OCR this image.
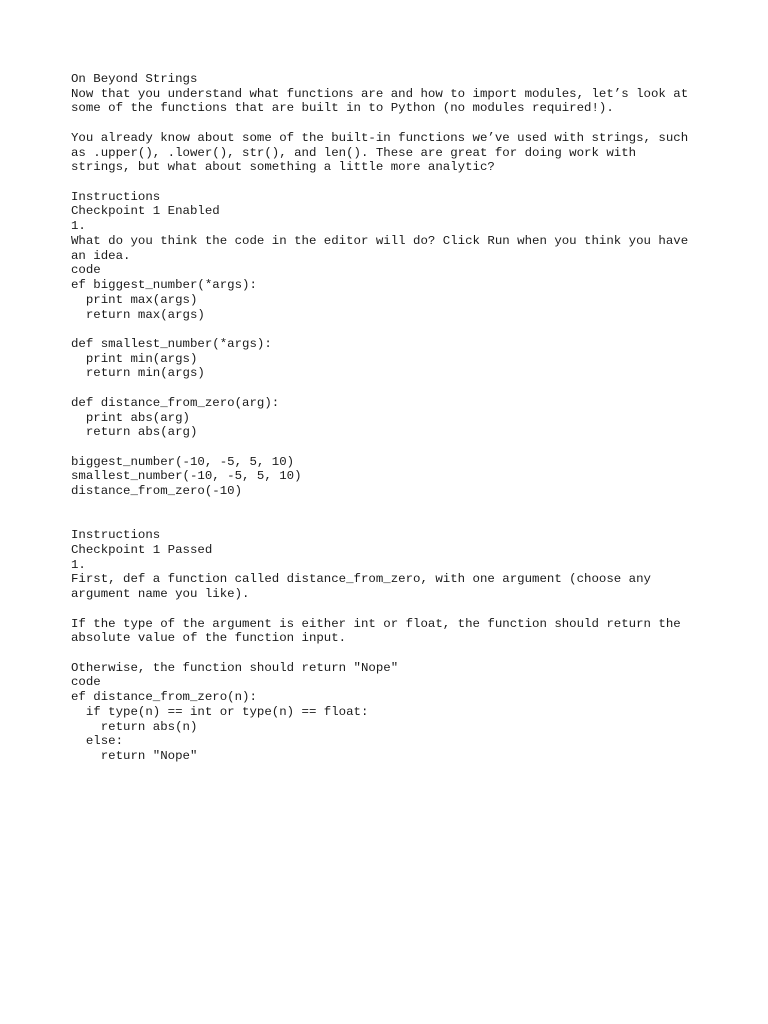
On Beyond Strings
Now that you understand what functions are and how to import modules, let’s look at
some of the functions that are built in to Python (no modules required!).
You already know about some of the built-in functions we’ve used with strings, such
as .upper(), .lower(), str(), and len(). These are great for doing work with
strings, but what about something a little more analytic?
Instructions
Checkpoint 1 Enabled
1.
What do you think the code in the editor will do? Click Run when you think you have
an idea.
code
ef biggest_number(*args):
print max(args)
return max(args)
def smallest_number(*args):
print min(args)
return min(args)
def distance_from_zero(arg):
print abs(arg)
return abs(arg)
biggest_number(-10, -5, 5, 10)
smallest_number(-10, -5, 5, 10)
distance_from_zero(-10)
Instructions
Checkpoint 1 Passed
1.
First, def a function called distance_from_zero, with one argument (choose any
argument name you like).
If the type of the argument is either int or float, the function should return the
absolute value of the function input.
Otherwise, the function should return "Nope"
code
ef distance_from_zero(n):
if type(n) == int or type(n) == float:
return abs(n)
else:
return "Nope"
